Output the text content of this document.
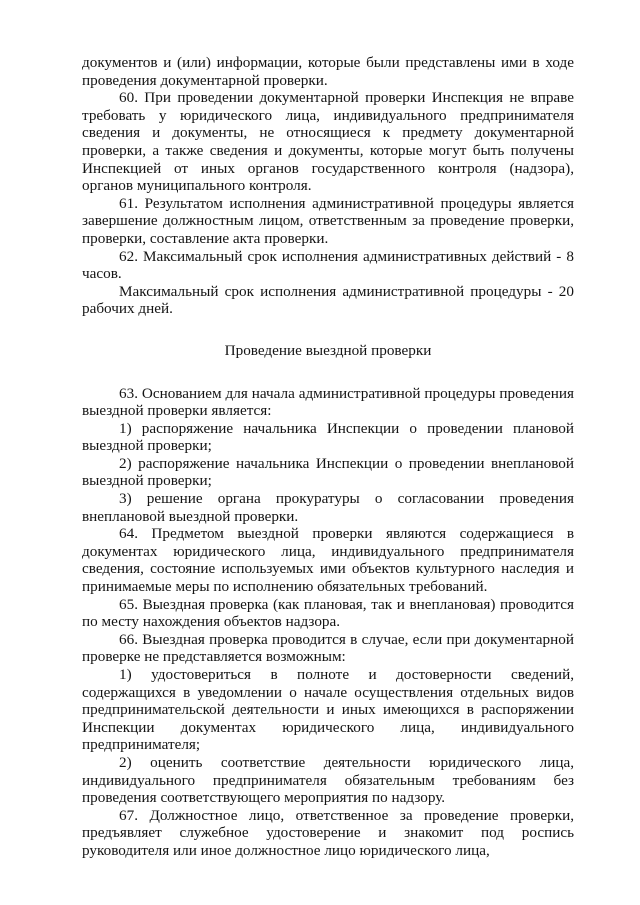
документов и (или) информации, которые были представлены ими в ходе проведения документарной проверки.

60. При проведении документарной проверки Инспекция не вправе требовать у юридического лица, индивидуального предпринимателя сведения и документы, не относящиеся к предмету документарной проверки, а также сведения и документы, которые могут быть получены Инспекцией от иных органов государственного контроля (надзора), органов муниципального контроля.

61. Результатом исполнения административной процедуры является завершение должностным лицом, ответственным за проведение проверки, проверки, составление акта проверки.

62. Максимальный срок исполнения административных действий - 8 часов.

Максимальный срок исполнения административной процедуры - 20 рабочих дней.

Проведение выездной проверки

63. Основанием для начала административной процедуры проведения выездной проверки является:

1) распоряжение начальника Инспекции о проведении плановой выездной проверки;

2) распоряжение начальника Инспекции о проведении внеплановой выездной проверки;

3) решение органа прокуратуры о согласовании проведения внеплановой выездной проверки.

64. Предметом выездной проверки являются содержащиеся в документах юридического лица, индивидуального предпринимателя сведения, состояние используемых ими объектов культурного наследия и принимаемые меры по исполнению обязательных требований.

65. Выездная проверка (как плановая, так и внеплановая) проводится по месту нахождения объектов надзора.

66. Выездная проверка проводится в случае, если при документарной проверке не представляется возможным:

1) удостовериться в полноте и достоверности сведений, содержащихся в уведомлении о начале осуществления отдельных видов предпринимательской деятельности и иных имеющихся в распоряжении Инспекции документах юридического лица, индивидуального предпринимателя;

2) оценить соответствие деятельности юридического лица, индивидуального предпринимателя обязательным требованиям без проведения соответствующего мероприятия по надзору.

67. Должностное лицо, ответственное за проведение проверки, предъявляет служебное удостоверение и знакомит под роспись руководителя или иное должностное лицо юридического лица,
